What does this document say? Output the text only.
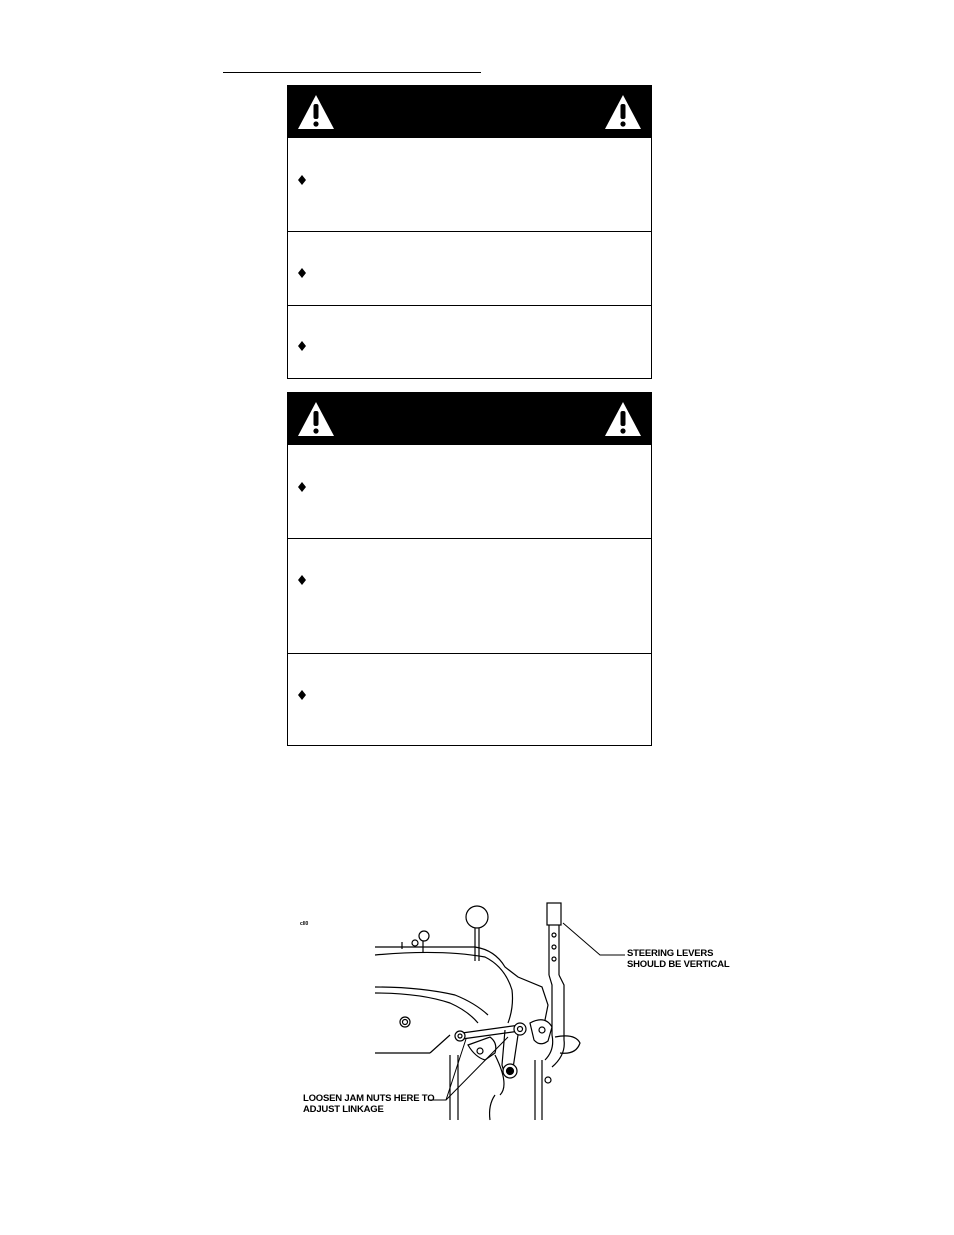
cll0
STEERING LEVERS
SHOULD BE VERTICAL
LOOSEN JAM NUTS HERE TO
ADJUST LINKAGE
